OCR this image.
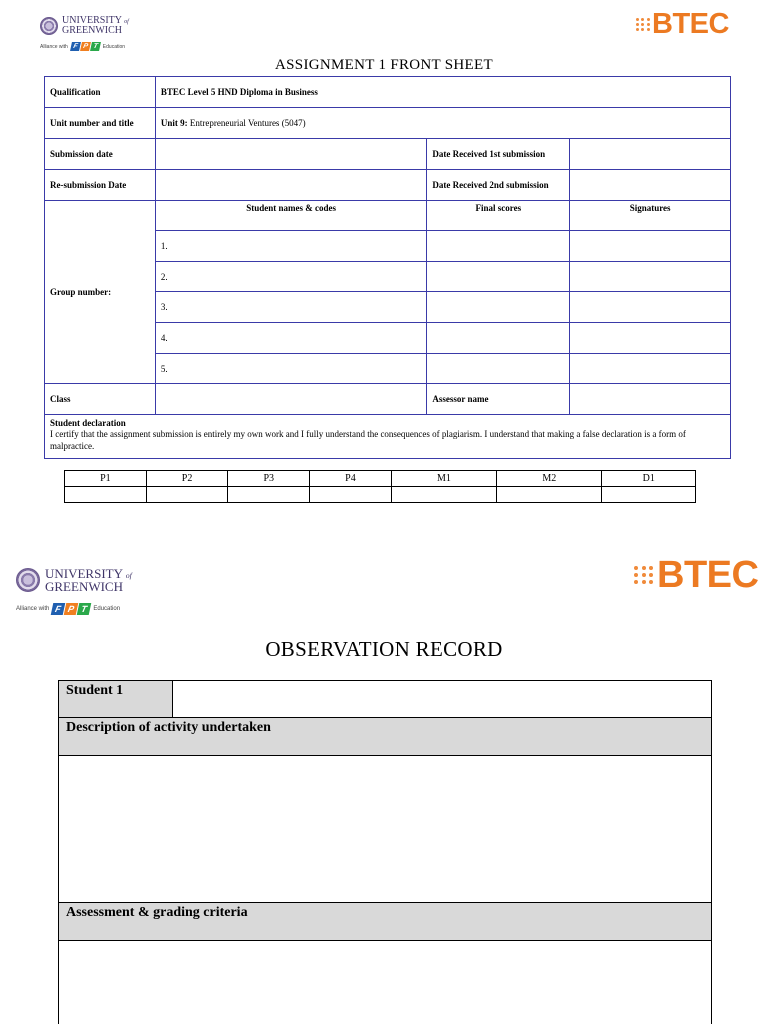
UNIVERSITY of
GREENWICH
Alliance with F P T Education
BTEC
ASSIGNMENT 1 FRONT SHEET
Qualification	BTEC Level 5 HND Diploma in Business		
Unit number and title	Unit 9: Entrepreneurial Ventures (5047)		
Submission date		Date Received 1st submission	
Re-submission Date		Date Received 2nd submission	
Group number:	Student names & codes	Final scores	Signatures
	1.		
	2.		
	3.		
	4.		
	5.		
Class		Assessor name	

Student declaration
I certify that the assignment submission is entirely my own work and I fully understand the consequences of plagiarism. I understand that making a false declaration is a form of malpractice.			
P1	P2	P3	P4	M1	M2	D1

UNIVERSITY of
GREENWICH
Alliance with F P T Education
BTEC
OBSERVATION RECORD
Student 1	
Description of activity undertaken

Assessment & grading criteria
